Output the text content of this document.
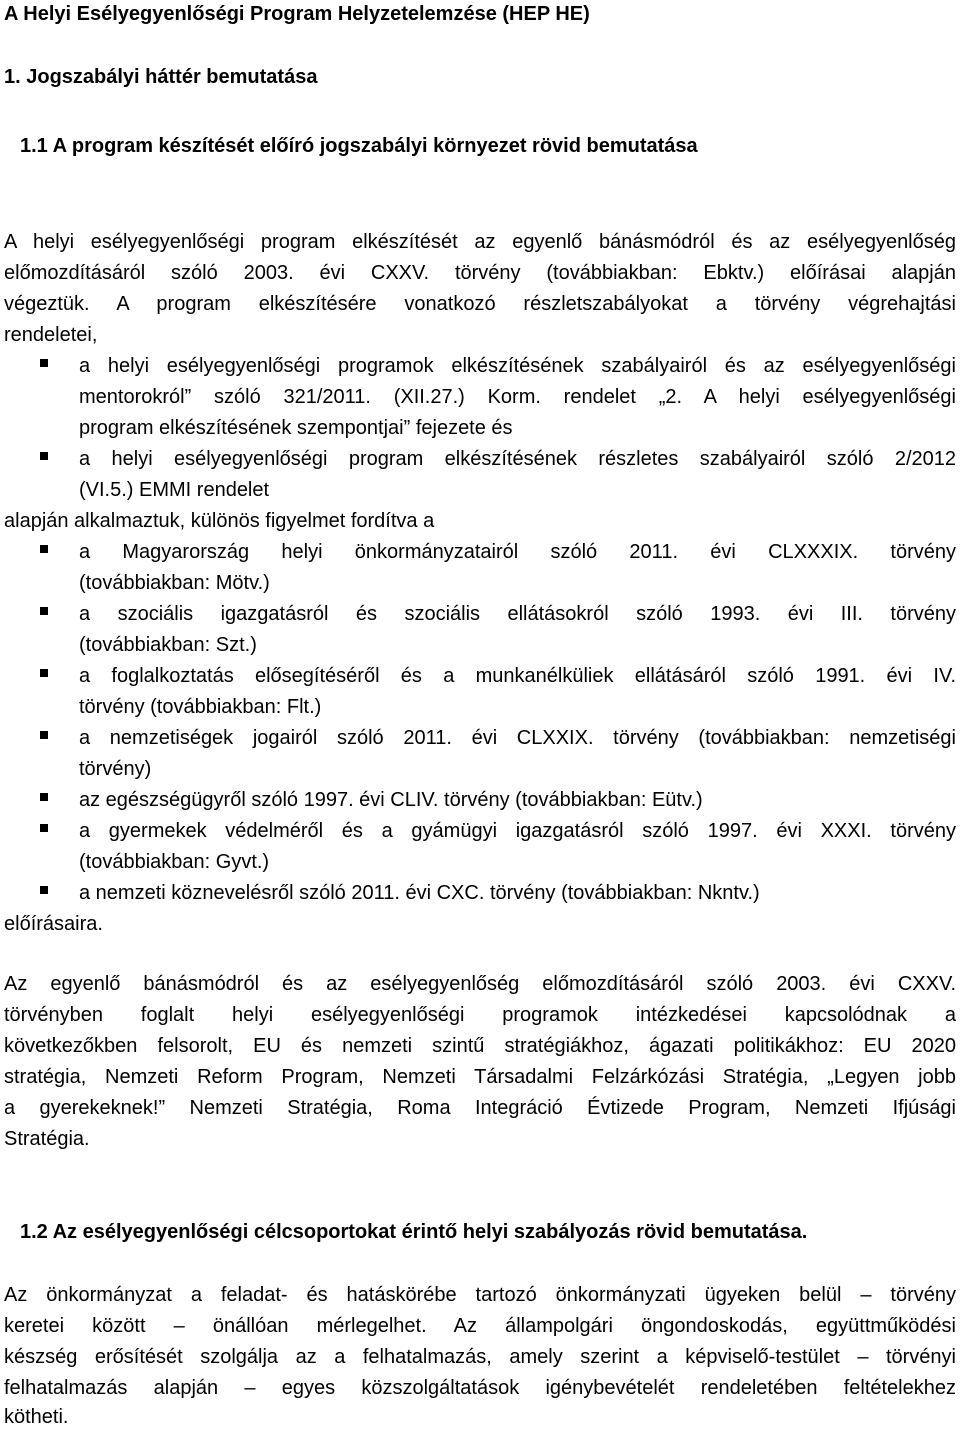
A Helyi Esélyegyenlőségi Program Helyzetelemzése (HEP HE)
1. Jogszabályi háttér bemutatása
1.1 A program készítését előíró jogszabályi környezet rövid bemutatása
A helyi esélyegyenlőségi program elkészítését az egyenlő bánásmódról és az esélyegyenlőség
előmozdításáról szóló 2003. évi CXXV. törvény (továbbiakban: Ebktv.) előírásai alapján
végeztük. A program elkészítésére vonatkozó részletszabályokat a törvény végrehajtási
rendeletei,
a helyi esélyegyenlőségi programok elkészítésének szabályairól és az esélyegyenlőségi
mentorokról” szóló 321/2011. (XII.27.) Korm. rendelet „2. A helyi esélyegyenlőségi
program elkészítésének szempontjai” fejezete és
a helyi esélyegyenlőségi program elkészítésének részletes szabályairól szóló 2/2012
(VI.5.) EMMI rendelet
alapján alkalmaztuk, különös figyelmet fordítva a
a Magyarország helyi önkormányzatairól szóló 2011. évi CLXXXIX. törvény
(továbbiakban: Mötv.)
a szociális igazgatásról és szociális ellátásokról szóló 1993. évi III. törvény
(továbbiakban: Szt.)
a foglalkoztatás elősegítéséről és a munkanélküliek ellátásáról szóló 1991. évi IV.
törvény (továbbiakban: Flt.)
a nemzetiségek jogairól szóló 2011. évi CLXXIX. törvény (továbbiakban: nemzetiségi
törvény)
az egészségügyről szóló 1997. évi CLIV. törvény (továbbiakban: Eütv.)
a gyermekek védelméről és a gyámügyi igazgatásról szóló 1997. évi XXXI. törvény
(továbbiakban: Gyvt.)
a nemzeti köznevelésről szóló 2011. évi CXC. törvény (továbbiakban: Nkntv.)
előírásaira.
Az egyenlő bánásmódról és az esélyegyenlőség előmozdításáról szóló 2003. évi CXXV.
törvényben foglalt helyi esélyegyenlőségi programok intézkedései kapcsolódnak a
következőkben felsorolt, EU és nemzeti szintű stratégiákhoz, ágazati politikákhoz: EU 2020
stratégia, Nemzeti Reform Program, Nemzeti Társadalmi Felzárkózási Stratégia, „Legyen jobb
a gyerekeknek!” Nemzeti Stratégia, Roma Integráció Évtizede Program, Nemzeti Ifjúsági
Stratégia.
1.2 Az esélyegyenlőségi célcsoportokat érintő helyi szabályozás rövid bemutatása.
Az önkormányzat a feladat- és hatáskörébe tartozó önkormányzati ügyeken belül – törvény
keretei között – önállóan mérlegelhet. Az állampolgári öngondoskodás, együttműködési
készség erősítését szolgálja az a felhatalmazás, amely szerint a képviselő-testület – törvényi
felhatalmazás alapján – egyes közszolgáltatások igénybevételét rendeletében feltételekhez
kötheti.
